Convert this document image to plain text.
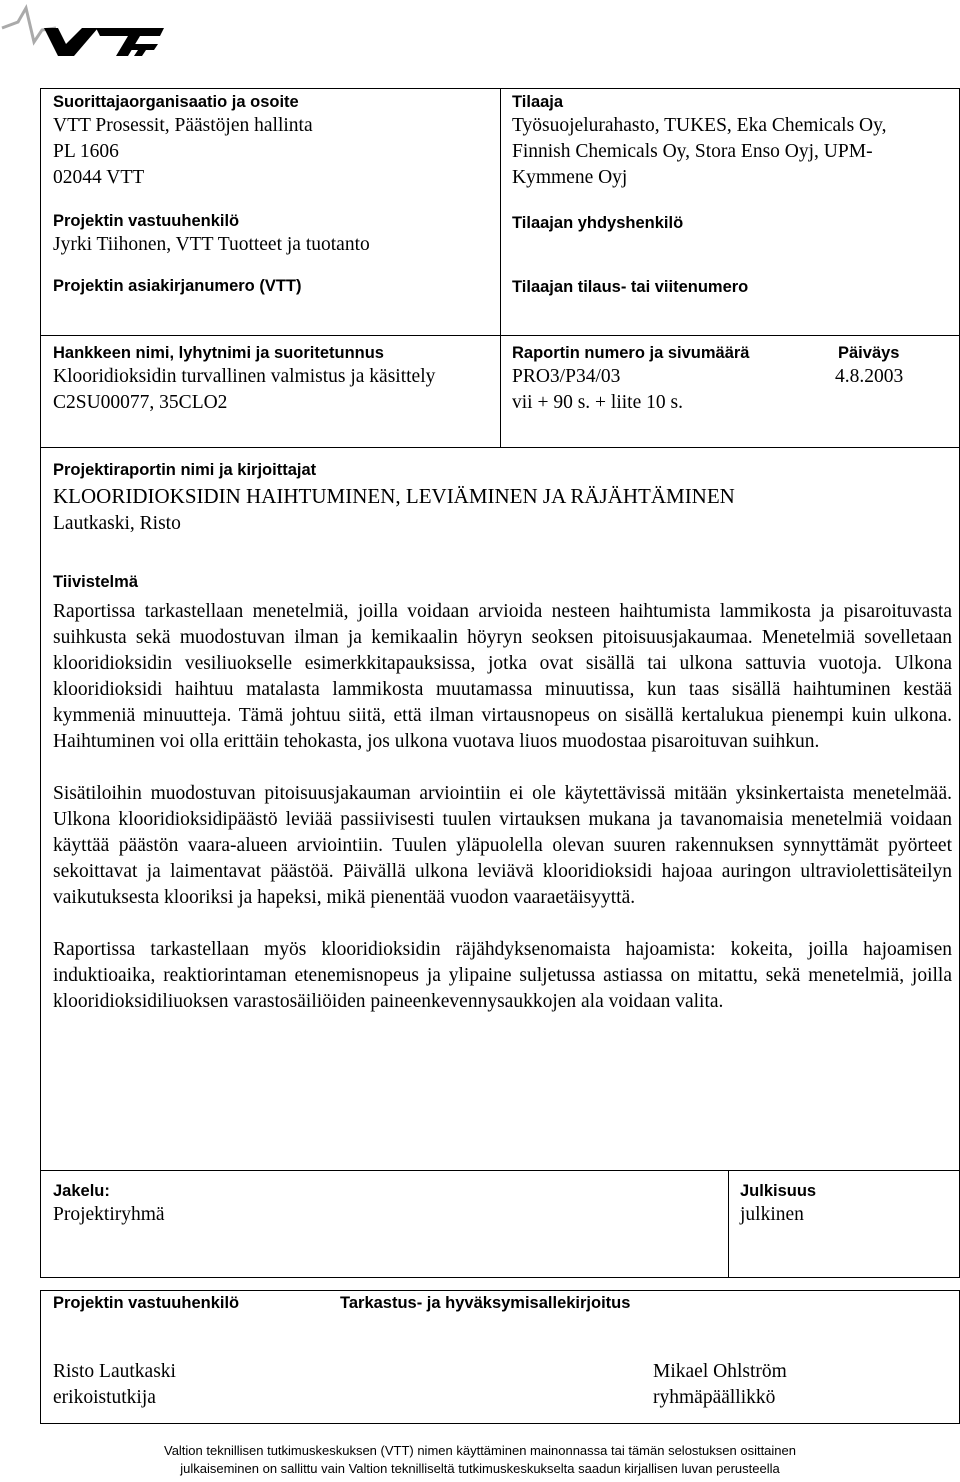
Suorittajaorganisaatio ja osoite
VTT Prosessit, Päästöjen hallinta
PL 1606
02044 VTT
Projektin vastuuhenkilö
Jyrki Tiihonen, VTT Tuotteet ja tuotanto
Projektin asiakirjanumero (VTT)
Tilaaja
Työsuojelurahasto, TUKES, Eka Chemicals Oy,
Finnish Chemicals Oy, Stora Enso Oyj, UPM-
Kymmene Oyj
Tilaajan yhdyshenkilö
Tilaajan tilaus- tai viitenumero
Hankkeen nimi, lyhytnimi ja suoritetunnus
Klooridioksidin turvallinen valmistus ja käsittely
C2SU00077, 35CLO2
Raportin numero ja sivumäärä
PRO3/P34/03
vii + 90 s. + liite 10 s.
Päiväys
4.8.2003
Projektiraportin nimi ja kirjoittajat
KLOORIDIOKSIDIN HAIHTUMINEN, LEVIÄMINEN JA RÄJÄHTÄMINEN
Lautkaski, Risto
Tiivistelmä

Raportissa tarkastellaan menetelmiä, joilla voidaan arvioida nesteen haihtumista lammikosta ja pisaroituvasta suihkusta sekä muodostuvan ilman ja kemikaalin höyryn seoksen pitoisuusjakaumaa. Menetelmiä sovelletaan klooridioksidin vesiliuokselle esimerkkitapauksissa, jotka ovat sisällä tai ulkona sattuvia vuotoja. Ulkona klooridioksidi haihtuu matalasta lammikosta muutamassa minuutissa, kun taas sisällä haihtuminen kestää kymmeniä minuutteja. Tämä johtuu siitä, että ilman virtausnopeus on sisällä kertalukua pienempi kuin ulkona. Haihtuminen voi olla erittäin tehokasta, jos ulkona vuotava liuos muodostaa pisaroituvan suihkun.

Sisätiloihin muodostuvan pitoisuusjakauman arviointiin ei ole käytettävissä mitään yksinkertaista menetelmää. Ulkona klooridioksidipäästö leviää passiivisesti tuulen virtauksen mukana ja tavanomaisia menetelmiä voidaan käyttää päästön vaara-alueen arviointiin. Tuulen yläpuolella olevan suuren rakennuksen synnyttämät pyörteet sekoittavat ja laimentavat päästöä. Päivällä ulkona leviävä klooridioksidi hajoaa auringon ultraviolettisäteilyn vaikutuksesta klooriksi ja hapeksi, mikä pienentää vuodon vaaraetäisyyttä.

Raportissa tarkastellaan myös klooridioksidin räjähdyksenomaista hajoamista: kokeita, joilla hajoamisen induktioaika, reaktiorintaman etenemisnopeus ja ylipaine suljetussa astiassa on mitattu, sekä menetelmiä, joilla klooridioksidiliuoksen varastosäiliöiden paineenkevennysaukkojen ala voidaan valita.

Jakelu:
Projektiryhmä
Julkisuus
julkinen
Projektin vastuuhenkilö	Tarkastus- ja hyväksymisallekirjoitus
Risto Lautkaski
erikoistutkija
Mikael Ohlström
ryhmäpäällikkö
Valtion teknillisen tutkimuskeskuksen (VTT) nimen käyttäminen mainonnassa tai tämän selostuksen osittainen
julkaiseminen on sallittu vain Valtion teknilliseltä tutkimuskeskukselta saadun kirjallisen luvan perusteella
